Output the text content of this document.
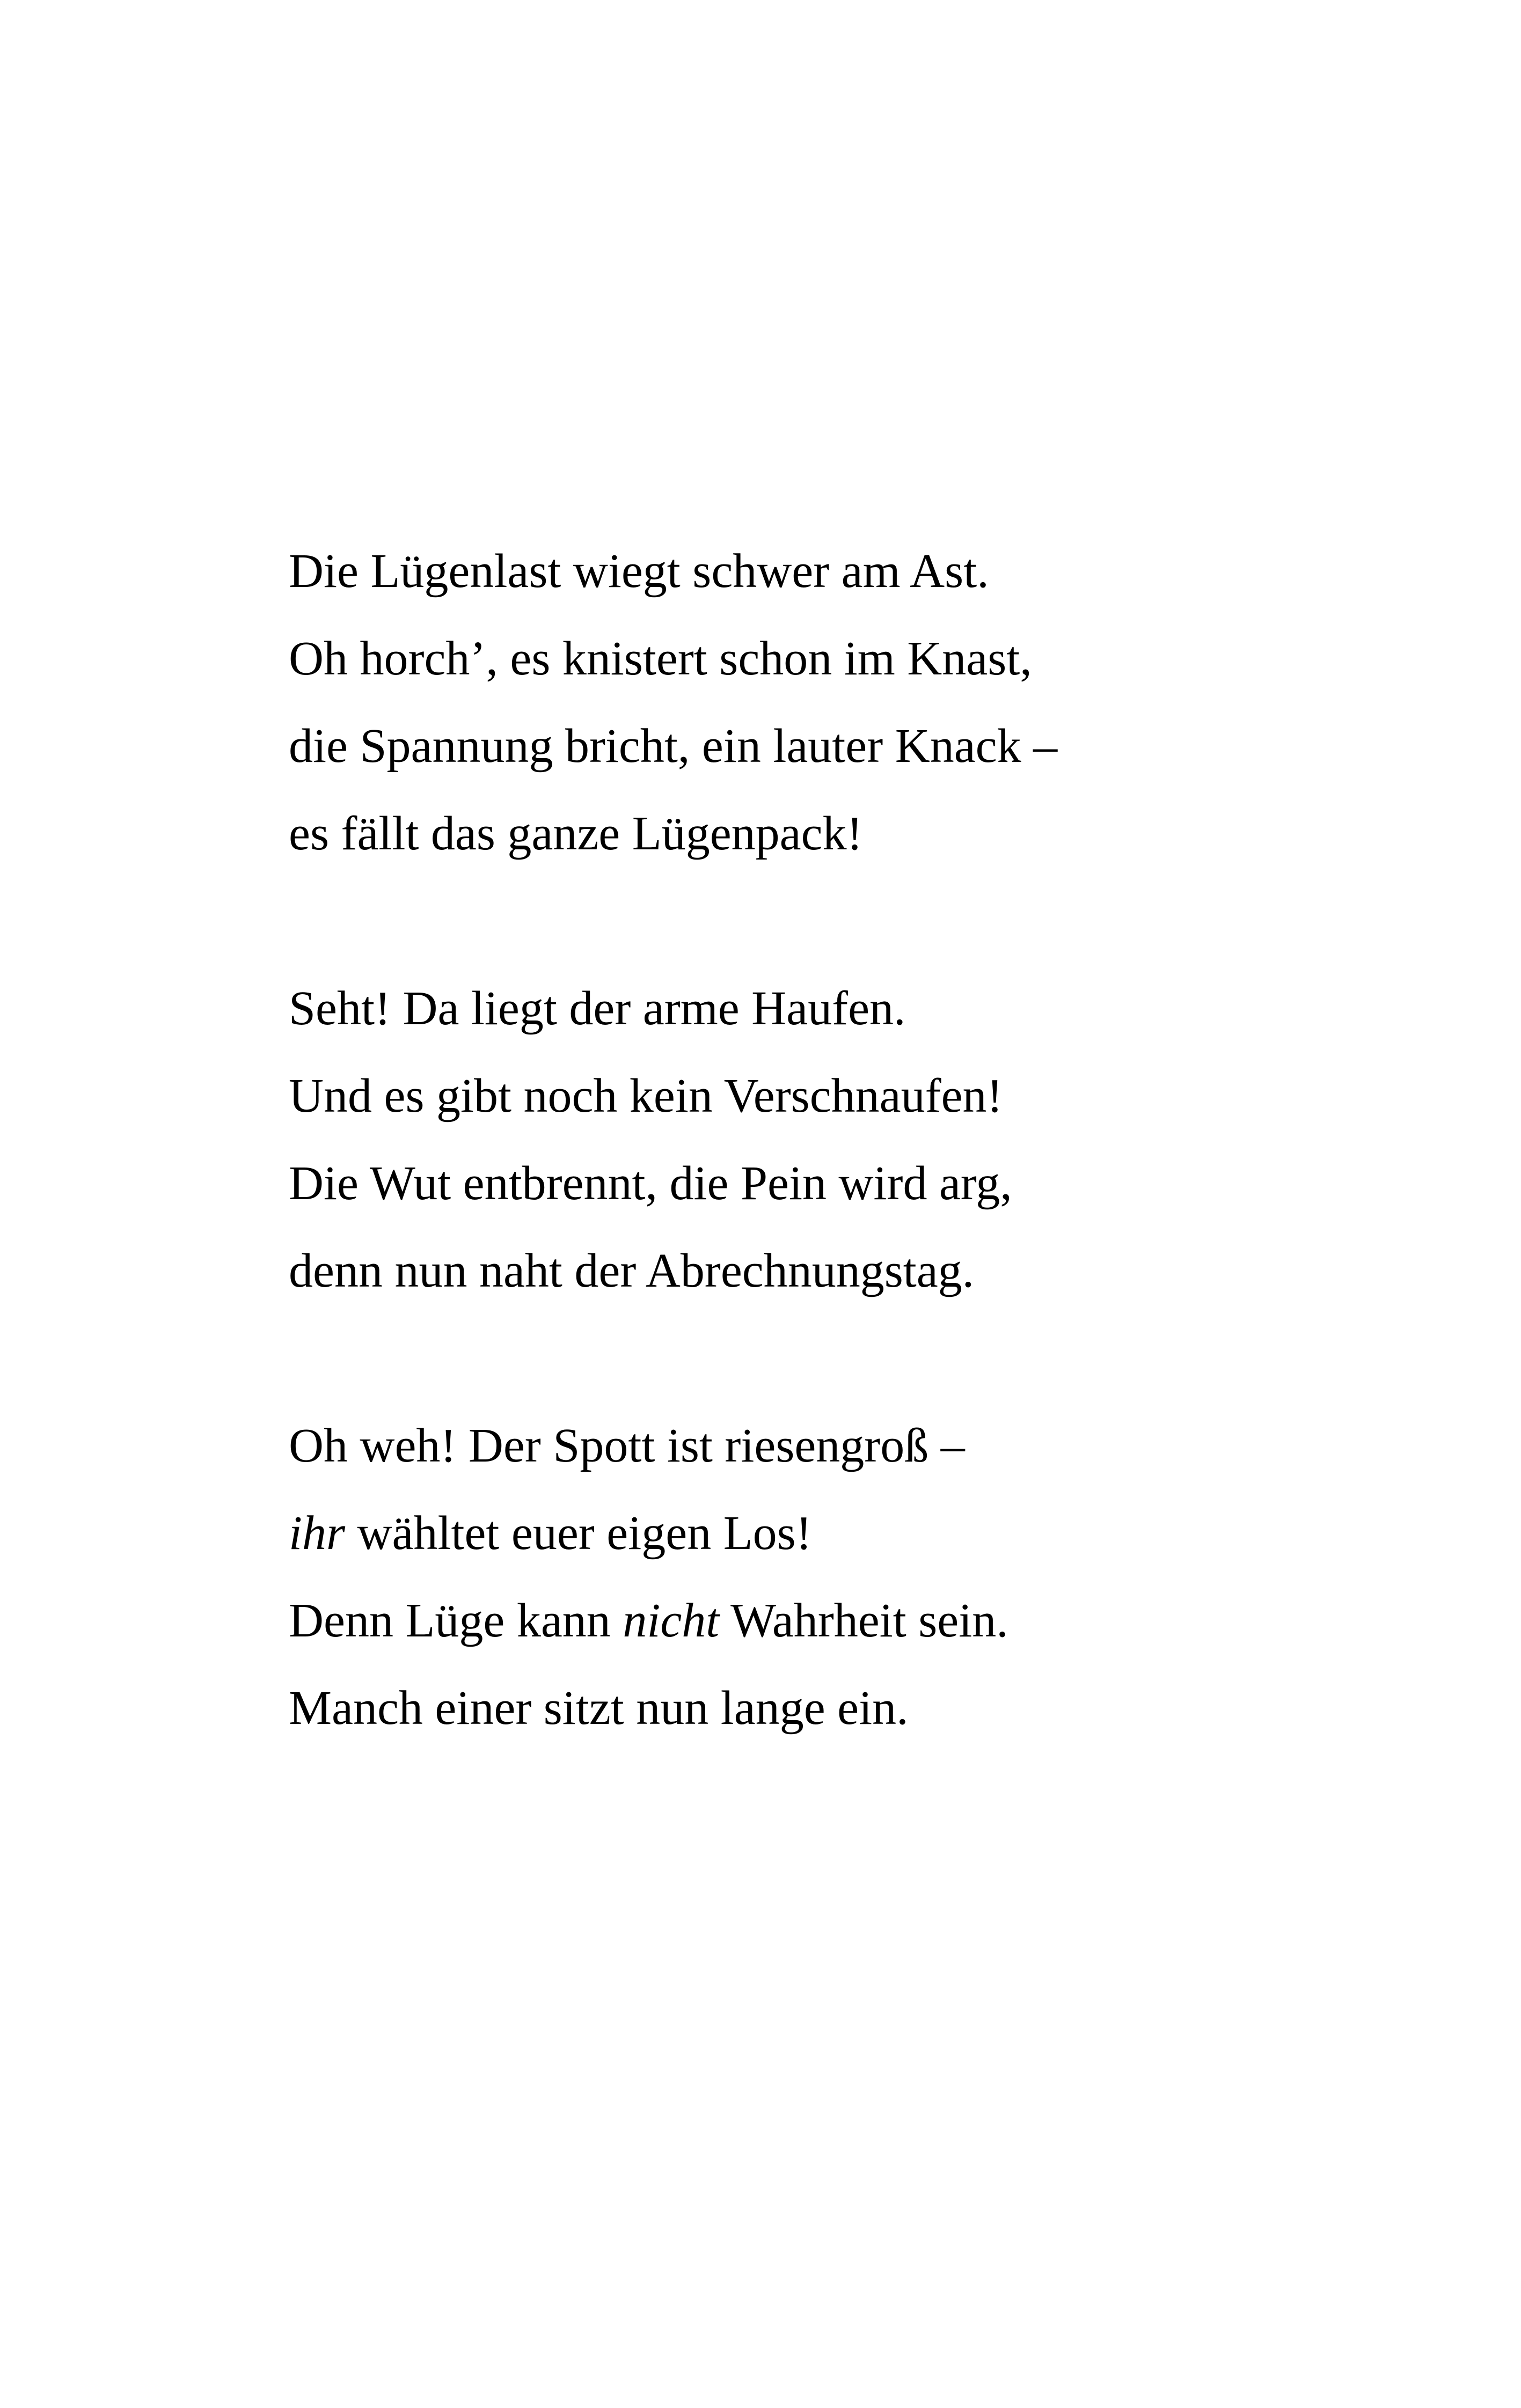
Die Lügenlast wiegt schwer am Ast.
Oh horch’, es knistert schon im Knast,
die Spannung bricht, ein lauter Knack –
es fällt das ganze Lügenpack!
Seht! Da liegt der arme Haufen.
Und es gibt noch kein Verschnaufen!
Die Wut entbrennt, die Pein wird arg,
denn nun naht der Abrechnungstag.
Oh weh! Der Spott ist riesengroß –
ihr wähltet euer eigen Los!
Denn Lüge kann nicht Wahrheit sein.
Manch einer sitzt nun lange ein.
